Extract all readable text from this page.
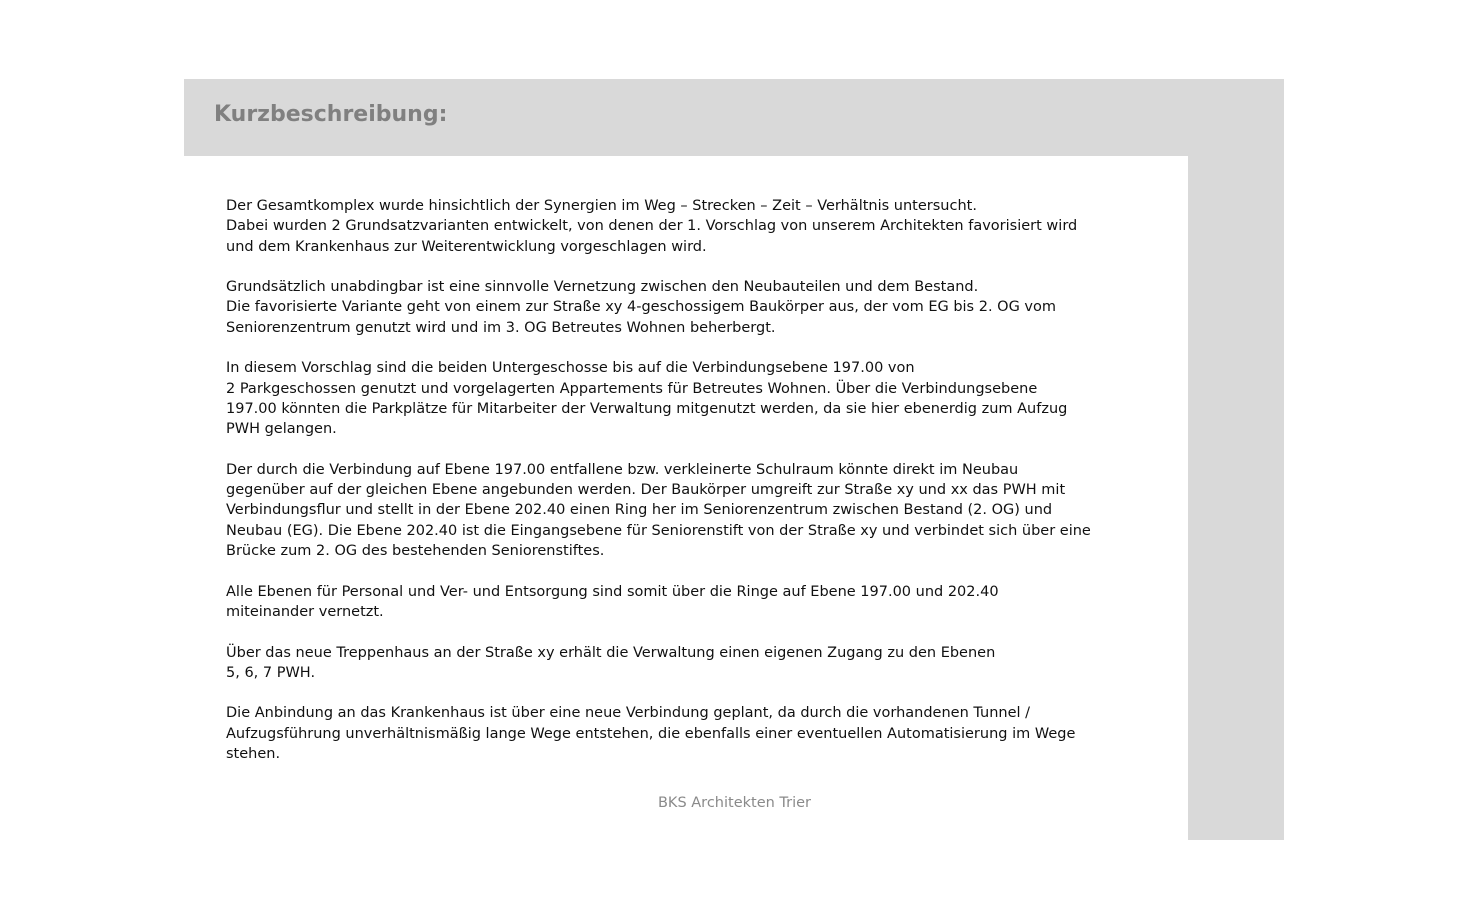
Kurzbeschreibung:

Der Gesamtkomplex wurde hinsichtlich der Synergien im Weg – Strecken – Zeit – Verhältnis untersucht.
Dabei wurden 2 Grundsatzvarianten entwickelt, von denen der 1. Vorschlag von unserem Architekten favorisiert wird
und dem Krankenhaus zur Weiterentwicklung vorgeschlagen wird.

Grundsätzlich unabdingbar ist eine sinnvolle Vernetzung zwischen den Neubauteilen und dem Bestand.
Die favorisierte Variante geht von einem zur Straße xy 4-geschossigem Baukörper aus, der vom EG bis 2. OG vom
Seniorenzentrum genutzt wird und im 3. OG Betreutes Wohnen beherbergt.

In diesem Vorschlag sind die beiden Untergeschosse bis auf die Verbindungsebene 197.00 von
2 Parkgeschossen genutzt und vorgelagerten Appartements für Betreutes Wohnen. Über die Verbindungsebene
197.00 könnten die Parkplätze für Mitarbeiter der Verwaltung mitgenutzt werden, da sie hier ebenerdig zum Aufzug
PWH gelangen.

Der durch die Verbindung auf Ebene 197.00 entfallene bzw. verkleinerte Schulraum könnte direkt im Neubau
gegenüber auf der gleichen Ebene angebunden werden. Der Baukörper umgreift zur Straße xy und xx das PWH mit
Verbindungsflur und stellt in der Ebene 202.40 einen Ring her im Seniorenzentrum zwischen Bestand (2. OG) und
Neubau (EG). Die Ebene 202.40 ist die Eingangsebene für Seniorenstift von der Straße xy und verbindet sich über eine
Brücke zum 2. OG des bestehenden Seniorenstiftes.

Alle Ebenen für Personal und Ver- und Entsorgung sind somit über die Ringe auf Ebene 197.00 und 202.40
miteinander vernetzt.

Über das neue Treppenhaus an der Straße xy erhält die Verwaltung einen eigenen Zugang zu den Ebenen
5, 6, 7 PWH.

Die Anbindung an das Krankenhaus ist über eine neue Verbindung geplant, da durch die vorhandenen Tunnel /
Aufzugsführung unverhältnismäßig lange Wege entstehen, die ebenfalls einer eventuellen Automatisierung im Wege
stehen.

BKS Architekten Trier
